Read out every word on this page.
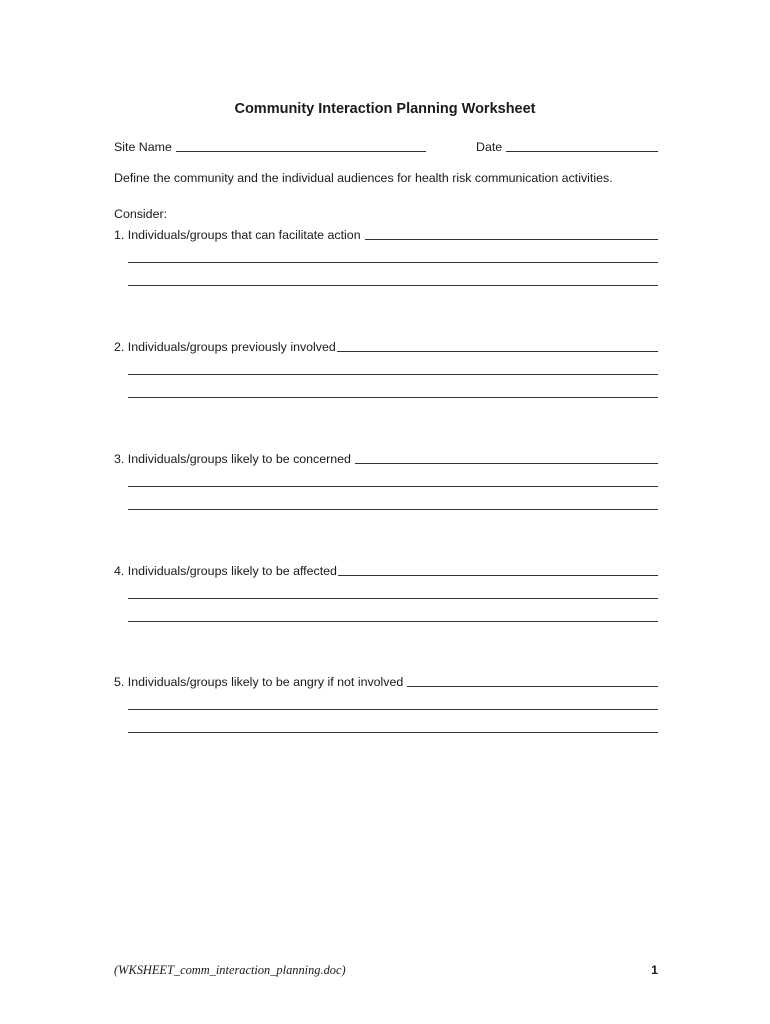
Community Interaction Planning Worksheet
Site Name	Date
Define the community and the individual audiences for health risk communication activities.
Consider:
1. Individuals/groups that can facilitate action
2. Individuals/groups previously involved
3. Individuals/groups likely to be concerned
4. Individuals/groups likely to be affected
5. Individuals/groups likely to be angry if not involved
(WKSHEET_comm_interaction_planning.doc)	1
